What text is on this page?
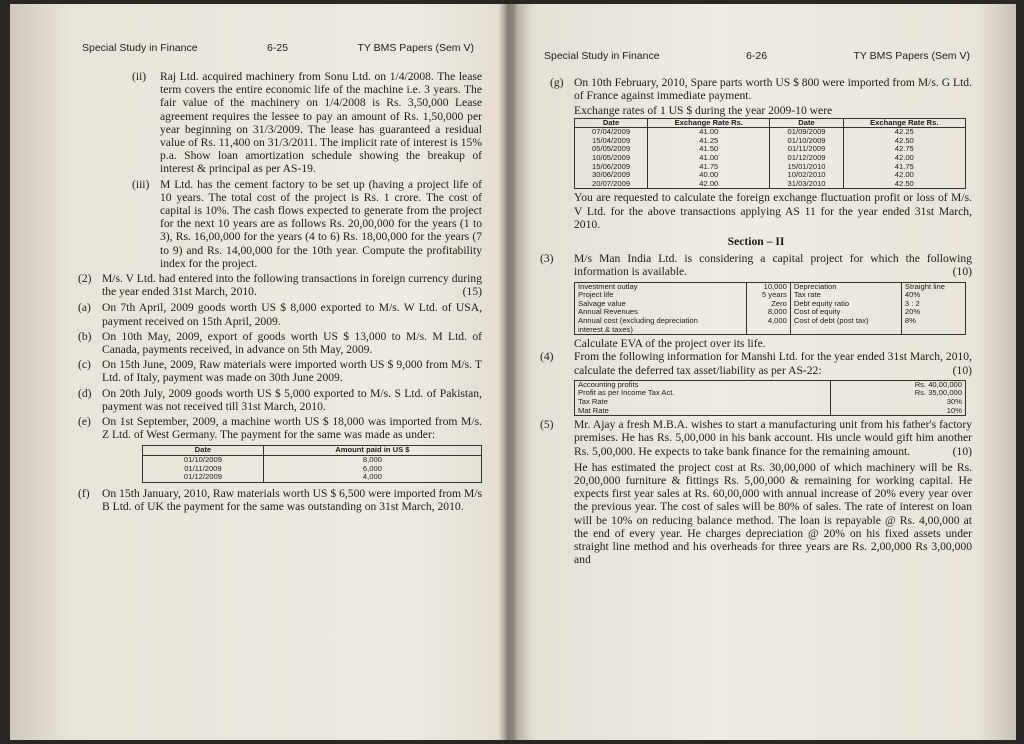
Special Study in Finance	6-25	TY BMS Papers (Sem V)
(ii)	Raj Ltd. acquired machinery from Sonu Ltd. on 1/4/2008. The lease term covers the entire economic life of the machine i.e. 3 years. The fair value of the machinery on 1/4/2008 is Rs. 3,50,000 Lease agreement requires the lessee to pay an amount of Rs. 1,50,000 per year beginning on 31/3/2009. The lease has guaranteed a residual value of Rs. 11,400 on 31/3/2011. The implicit rate of interest is 15% p.a. Show loan amortization schedule showing the breakup of interest & principal as per AS-19.
(iii) M Ltd. has the cement factory to be set up (having a project life of 10 years. The total cost of the project is Rs. 1 crore. The cost of capital is 10%. The cash flows expected to generate from the project for the next 10 years are as follows Rs. 20,00,000 for the years (1 to 3), Rs. 16,00,000 for the years (4 to 6) Rs. 18,00,000 for the years (7 to 9) and Rs. 14,00,000 for the 10th year. Compute the profitability index for the project.
(2) M/s. V Ltd. had entered into the following transactions in foreign currency during the year ended 31st March, 2010.	(15)
(a) On 7th April, 2009 goods worth US $ 8,000 exported to M/s. W Ltd. of USA, payment received on 15th April, 2009.
(b) On 10th May, 2009, export of goods worth US $ 13,000 to M/s. M Ltd. of Canada, payments received, in advance on 5th May, 2009.
(c) On 15th June, 2009, Raw materials were imported worth US $ 9,000 from M/s. T Ltd. of Italy, payment was made on 30th June 2009.
(d) On 20th July, 2009 goods worth US $ 5,000 exported to M/s. S Ltd. of Pakistan, payment was not received till 31st March, 2010.
(e) On 1st September, 2009, a machine worth US $ 18,000 was imported from M/s. Z Ltd. of West Germany. The payment for the same was made as under:
Date	Amount paid in US $
01/10/2009	8,000
01/11/2009	6,000
01/12/2009	4,000
(f)	On 15th January, 2010, Raw materials worth US $ 6,500 were imported from M/s B Ltd. of UK the payment for the same was outstanding on 31st March, 2010.
Special Study in Finance	6-26	TY BMS Papers (Sem V)
(g) On 10th February, 2010, Spare parts worth US $ 800 were imported from M/s. G Ltd. of France against immediate payment.
Exchange rates of 1 US $ during the year 2009-10 were
Date	Exchange Rate Rs.	Date	Exchange Rate Rs.
07/04/2009	41.00	01/09/2009	42.25
15/04/2009	41.25	01/10/2009	42.50
05/05/2009	41.50	01/11/2009	42.75
10/05/2009	41.00	01/12/2009	42.00
15/06/2009	41.75	15/01/2010	41.75
30/06/2009	40.00	10/02/2010	42.00
20/07/2009	42.00	31/03/2010	42.50
You are requested to calculate the foreign exchange fluctuation profit or loss of M/s. V Ltd. for the above transactions applying AS 11 for the year ended 31st March, 2010.
Section – II
(3)	M/s Man India Ltd. is considering a capital project for which the following information is available.	(10)
Investment outlay	10,000	Depreciation	Straight line
Project life	5 years	Tax rate	40%
Salvage value	Zero	Debt equity ratio	3 : 2
Annual Revenues	8,000	Cost of equity	20%
Annual cost (excluding depreciation	4,000	Cost of debt (post tax)	8%
interest & taxes)			
Calculate EVA of the project over its life.
(4)	From the following information for Manshi Ltd. for the year ended 31st March, 2010, calculate the deferred tax asset/liability as per AS-22:	(10)
Accounting profits	Rs. 40,00,000
Profit as per Income Tax Act.	Rs. 35,00,000
Tax Rate	30%
Mat Rate	10%
(5)	Mr. Ajay a fresh M.B.A. wishes to start a manufacturing unit from his father's factory premises. He has Rs. 5,00,000 in his bank account. His uncle would gift him another Rs. 5,00,000. He expects to take bank finance for the remaining amount.	(10)
He has estimated the project cost at Rs. 30,00,000 of which machinery will be Rs. 20,00,000 furniture & fittings Rs. 5,00,000 & remaining for working capital. He expects first year sales at Rs. 60,00,000 with annual increase of 20% every year over the previous year. The cost of sales will be 80% of sales. The rate of interest on loan will be 10% on reducing balance method. The loan is repayable @ Rs. 4,00,000 at the end of every year. He charges depreciation @ 20% on his fixed assets under straight line method and his overheads for three years are Rs. 2,00,000 Rs 3,00,000 and
